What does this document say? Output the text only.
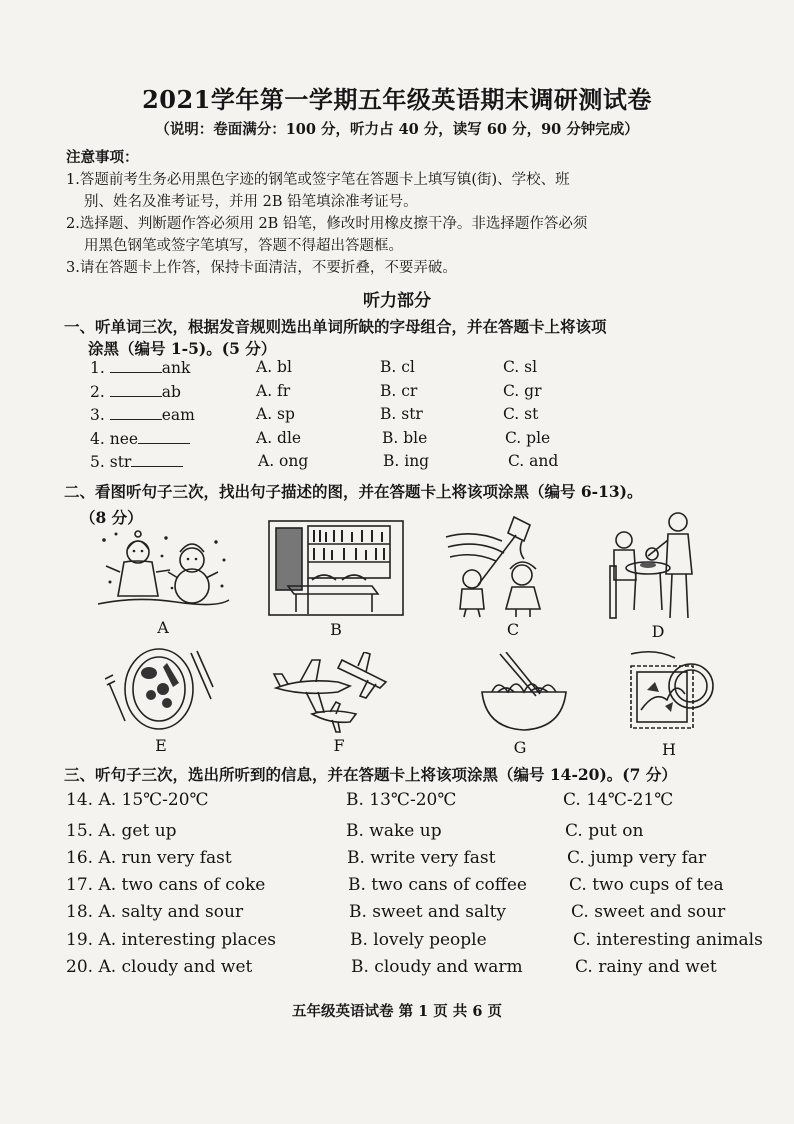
2021学年第一学期五年级英语期末调研测试卷
（说明：卷面满分：100 分，听力占 40 分，读写 60 分，90 分钟完成）
注意事项：
1.答题前考生务必用黑色字迹的钢笔或签字笔在答题卡上填写镇(街)、学校、班
别、姓名及准考证号，并用 2B 铅笔填涂准考证号。
2.选择题、判断题作答必须用 2B 铅笔，修改时用橡皮擦干净。非选择题作答必须
用黑色钢笔或签字笔填写，答题不得超出答题框。
3.请在答题卡上作答，保持卡面清洁，不要折叠，不要弄破。
听力部分
一、听单词三次，根据发音规则选出单词所缺的字母组合，并在答题卡上将该项
涂黑（编号 1-5)。(5 分）
1.	ank	A. bl	B. cl	C. sl
2.	ab	A. fr	B. cr	C. gr
3.	eam	A. sp	B. str	C. st
4. nee	A. dle	B. ble	C. ple
5. str	A. ong	B. ing	C. and
二、看图听句子三次，找出句子描述的图，并在答题卡上将该项涂黑（编号 6-13)。
（8 分）
A	B	C	D
E	F	G	H
三、听句子三次，选出所听到的信息，并在答题卡上将该项涂黑（编号 14-20)。(7 分）
14. A. 15℃-20℃	B. 13℃-20℃	C. 14℃-21℃
15. A. get up	B. wake up	C. put on
16. A. run very fast	B. write very fast	C. jump very far
17. A. two cans of coke	B. two cans of coffee C. two cups of tea
18. A. salty and sour	B. sweet and salty	C. sweet and sour
19. A. interesting places	B. lovely people	C. interesting animals
20. A. cloudy and wet	B. cloudy and warm	C. rainy and wet
五年级英语试卷 第 1 页 共 6 页
